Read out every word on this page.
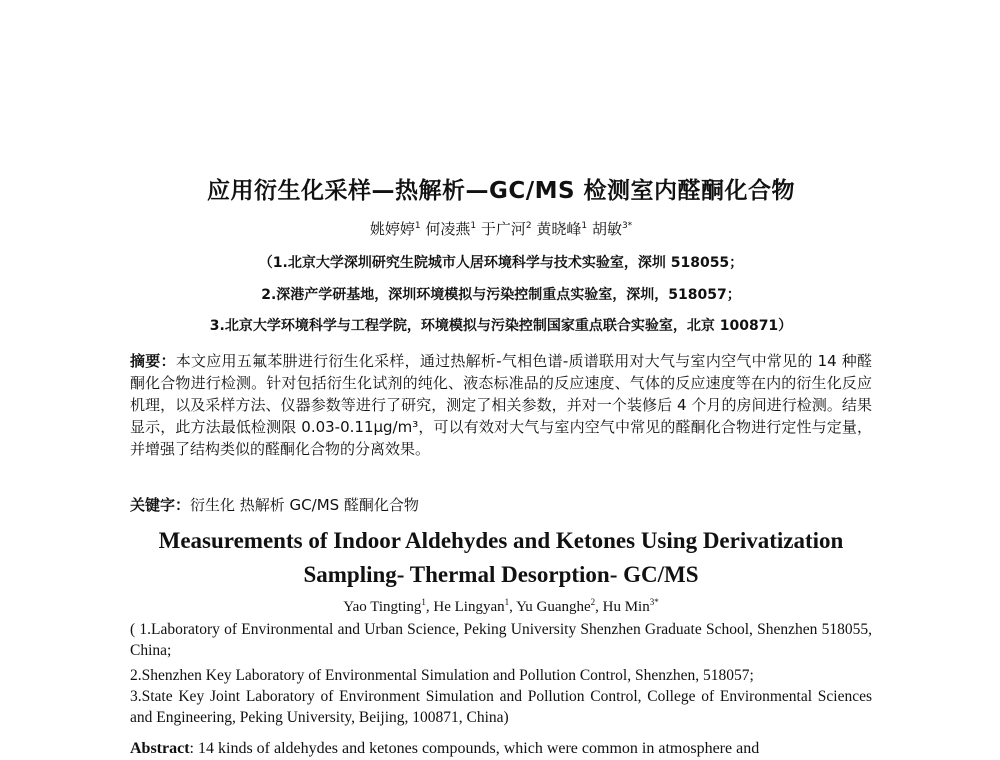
应用衍生化采样—热解析—GC/MS 检测室内醛酮化合物
姚婷婷$^1$ 何凌燕$^1$ 于广河$^2$ 黄晓峰$^1$ 胡敏$^{3*}$
（1.北京大学深圳研究生院城市人居环境科学与技术实验室，深圳 518055；
2.深港产学研基地，深圳环境模拟与污染控制重点实验室，深圳，518057；
3.北京大学环境科学与工程学院，环境模拟与污染控制国家重点联合实验室，北京 100871）
摘要：本文应用五氟苯肼进行衍生化采样，通过热解析-气相色谱-质谱联用对大气与室内空气中常见的 14 种醛酮化合物进行检测。针对包括衍生化试剂的纯化、液态标准品的反应速度、气体的反应速度等在内的衍生化反应机理，以及采样方法、仪器参数等进行了研究，测定了相关参数，并对一个装修后 4 个月的房间进行检测。结果显示，此方法最低检测限 0.03-0.11μg/m³，可以有效对大气与室内空气中常见的醛酮化合物进行定性与定量，并增强了结构类似的醛酮化合物的分离效果。
关键字：衍生化 热解析 GC/MS 醛酮化合物
Measurements of Indoor Aldehydes and Ketones Using Derivatization
Sampling- Thermal Desorption- GC/MS
Yao Tingting$^1$, He Lingyan$^1$, Yu Guanghe$^2$, Hu Min$^{3*}$
( 1.Laboratory of Environmental and Urban Science, Peking University Shenzhen Graduate School, Shenzhen 518055, China;
2.Shenzhen Key Laboratory of Environmental Simulation and Pollution Control, Shenzhen, 518057;
3.State Key Joint Laboratory of Environment Simulation and Pollution Control, College of Environmental Sciences and Engineering, Peking University, Beijing, 100871, China)
Abstract: 14 kinds of aldehydes and ketones compounds, which were common in atmosphere and
